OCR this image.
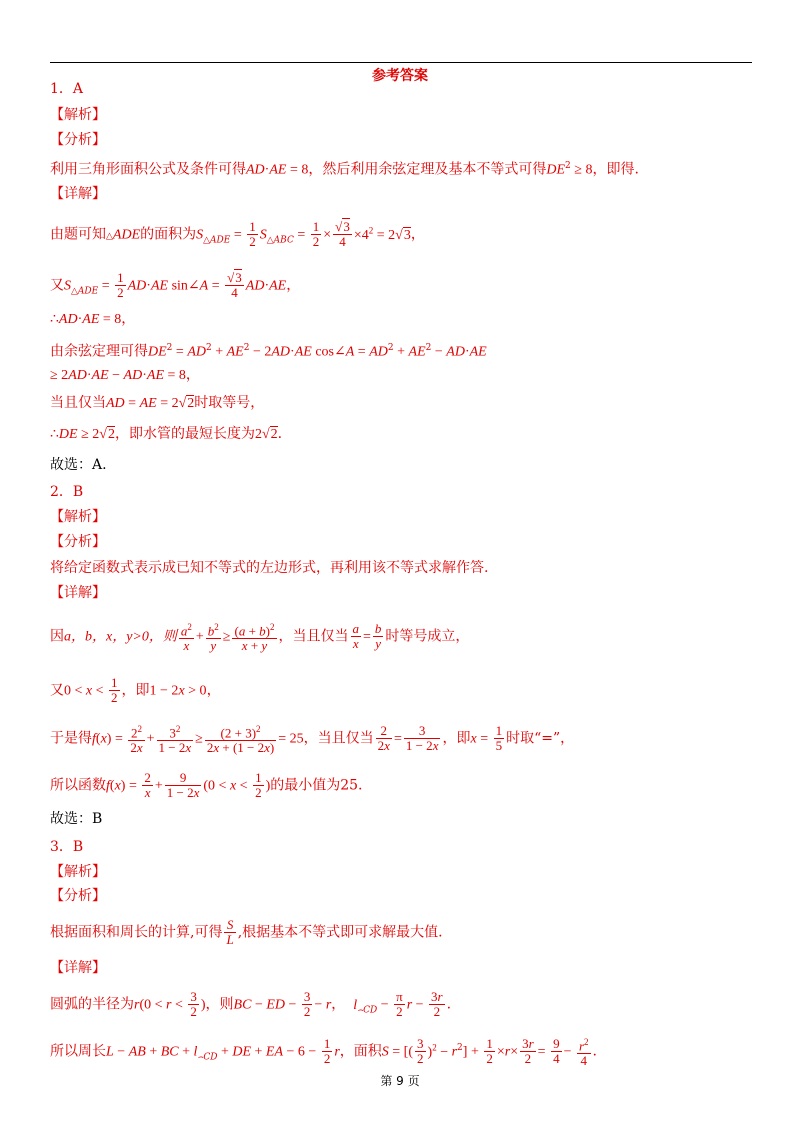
参考答案
1．A
【解析】
【分析】
利用三角形面积公式及条件可得AD·AE = 8，然后利用余弦定理及基本不等式可得$DE^2 \ge 8$，即得.
【详解】
由题可知△ADE的面积为$S_{\triangle ADE} = \frac{1}{2} S_{\triangle ABC} = \frac{1}{2} \times \frac{√3}{4} \times 4^2 = 2√3$，
又$S_{\triangle ADE} = \frac{1}{2} AD\cdot AE$ sin∠A = $\frac{√3}{4} AD\cdot AE$，
∴AD·AE = 8，
由余弦定理可得$DE^2 = AD^2 + AE^2 - 2AD\cdot AE$ cos∠A = $AD^2 + AE^2 - AD\cdot AE$
≥ 2AD·AE − AD·AE = 8，
当且仅当AD = AE = 2√2时取等号，
∴DE ≥ 2√2，即水管的最短长度为2√2.
故选：A.
2．B
【解析】
【分析】
将给定函数式表示成已知不等式的左边形式，再利用该不等式求解作答.
【详解】
因a，b，x，y>0，则 $\frac{a^2}{x} + \frac{b^2}{y} \ge \frac{(a + b)^2}{x + y}$ ，当且仅当 $\frac{a}{x} = \frac{b}{y}$ 时等号成立，
又$0 < x < \frac{1}{2}$ ，即1 − 2x > 0，
于是得$f(x) = \frac{2^2}{2x} + \frac{3^2}{1 - 2x} \ge \frac{(2 + 3)^2}{2x + (1 - 2x)} = 25$，当且仅当 $\frac{2}{2x} = \frac{3}{1 - 2x}$ ，即$x = \frac{1}{5}$ 时取“=”，
所以函数$f(x) = \frac{2}{x} + \frac{9}{1 - 2x} (0 < x < \frac{1}{2}$ )的最小值为25.
故选：B
3．B
【解析】
【分析】
根据面积和周长的计算,可得 $\frac{S}{L}$ ,根据基本不等式即可求解最大值.
【详解】
圆弧的半径为$r(0 < r < \frac{3}{2}$ )，则BC − ED − $\frac{3}{2} - r$， $l_{⌢CD} - \frac{\pi}{2}$ $r - \frac{3r}{2}$ .
所以周长L − AB + BC + $l_{⌢CD}$ + DE + EA − $6 - \frac{1}{2}$ r，面积S = [( $\frac{3}{2} )^2 - r^2] + \frac{1}{2} \times r\times \frac{3r}{2} = \frac{9}{4} - \frac{r^2}{4}$ .
第 9 页
